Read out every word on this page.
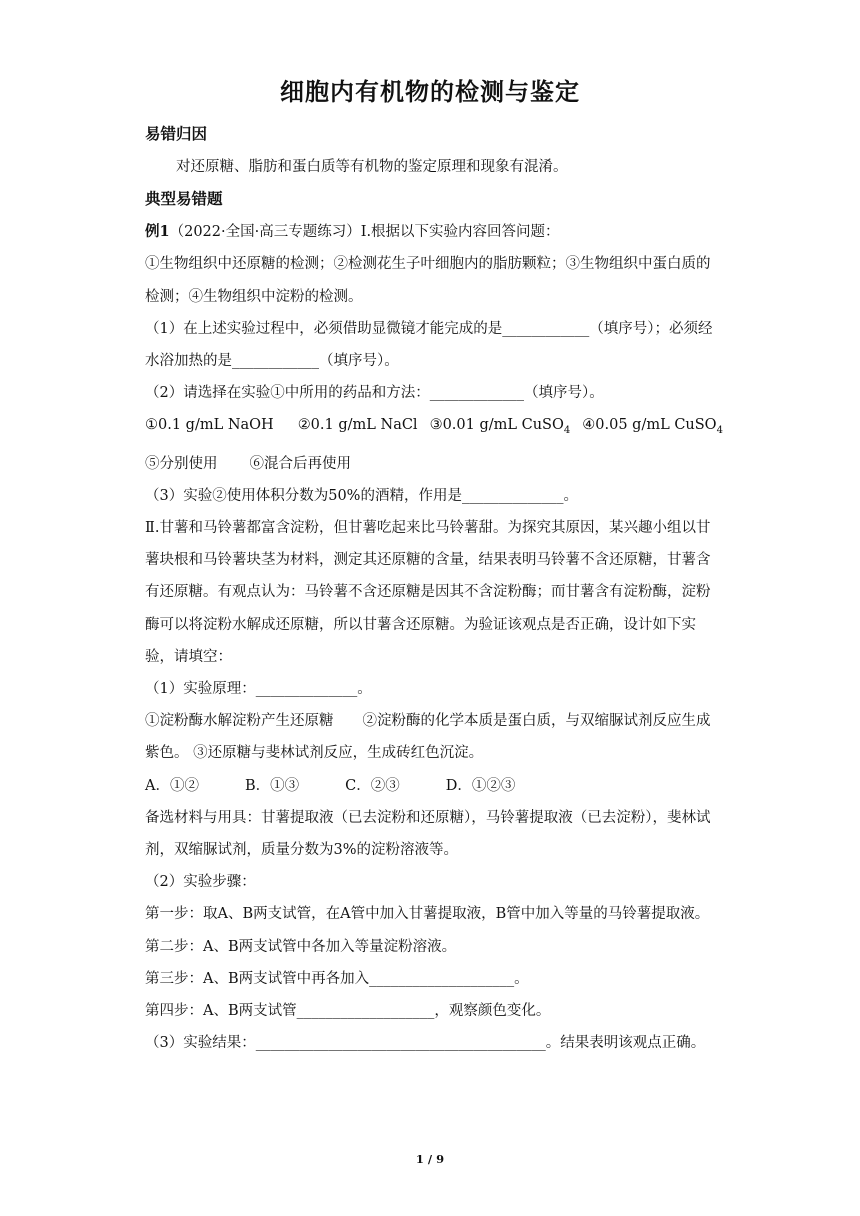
细胞内有机物的检测与鉴定
易错归因

对还原糖、脂肪和蛋白质等有机物的鉴定原理和现象有混淆。

典型易错题

例1（2022·全国·高三专题练习）Ⅰ.根据以下实验内容回答问题：

①生物组织中还原糖的检测；②检测花生子叶细胞内的脂肪颗粒；③生物组织中蛋白质的检测；④生物组织中淀粉的检测。

（1）在上述实验过程中，必须借助显微镜才能完成的是____________（填序号）；必须经水浴加热的是____________（填序号）。

（2）请选择在实验①中所用的药品和方法：_____________（填序号）。

①0.1 g/mL NaOH ②0.1 g/mL NaCl ③0.01 g/mL CuSO$_4$ ④0.05 g/mL CuSO$_4$
⑤分别使用 ⑥混合后再使用

（3）实验②使用体积分数为50%的酒精，作用是______________。

Ⅱ.甘薯和马铃薯都富含淀粉，但甘薯吃起来比马铃薯甜。为探究其原因，某兴趣小组以甘薯块根和马铃薯块茎为材料，测定其还原糖的含量，结果表明马铃薯不含还原糖，甘薯含有还原糖。有观点认为：马铃薯不含还原糖是因其不含淀粉酶；而甘薯含有淀粉酶，淀粉酶可以将淀粉水解成还原糖，所以甘薯含还原糖。为验证该观点是否正确，设计如下实验，请填空：

（1）实验原理：______________。

①淀粉酶水解淀粉产生还原糖　　②淀粉酶的化学本质是蛋白质，与双缩脲试剂反应生成紫色。 ③还原糖与斐林试剂反应，生成砖红色沉淀。

A．①②	B．①③	C．②③	D．①②③

备选材料与用具：甘薯提取液（已去淀粉和还原糖），马铃薯提取液（已去淀粉），斐林试剂，双缩脲试剂，质量分数为3%的淀粉溶液等。

（2）实验步骤：

第一步：取A、B两支试管，在A管中加入甘薯提取液，B管中加入等量的马铃薯提取液。

第二步：A、B两支试管中各加入等量淀粉溶液。

第三步：A、B两支试管中再各加入____________________。

第四步：A、B两支试管___________________，观察颜色变化。

（3）实验结果：________________________________________。结果表明该观点正确。

1 / 9
